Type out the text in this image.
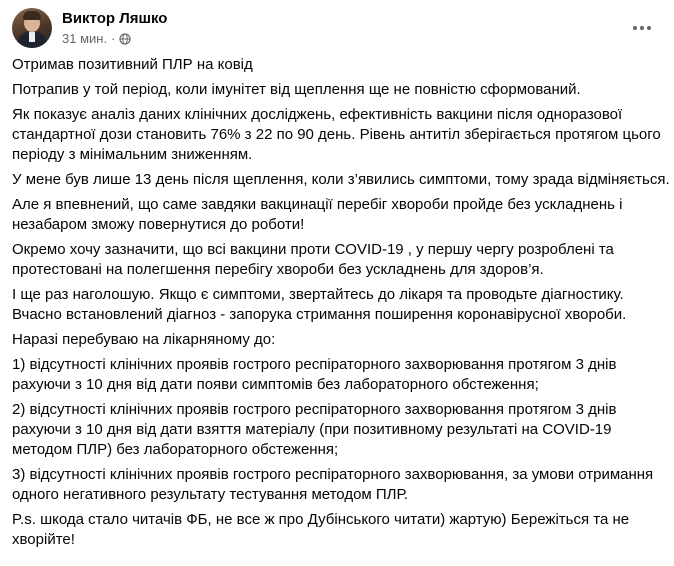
Виктор Ляшко
31 мин. ·

Отримав позитивний ПЛР на ковід

Потрапив у той період, коли імунітет від щеплення ще не повністю сформований.

Як показує аналіз даних клінічних досліджень, ефективність вакцини після одноразової

стандартної дози становить 76% з 22 по 90 день. Рівень антитіл зберігається протягом цього

періоду з мінімальним зниженням.

У мене був лише 13 день після щеплення, коли з’явились симптоми, тому зрада відміняється.

Але я впевнений, що саме завдяки вакцинації перебіг хвороби пройде без ускладнень і

незабаром зможу повернутися до роботи!

Окремо хочу зазначити, що всі вакцини проти COVID-19 , у першу чергу розроблені та

протестовані на полегшення перебігу хвороби без ускладнень для здоров’я.

І ще раз наголошую. Якщо є симптоми, звертайтесь до лікаря та проводьте діагностику.

Вчасно встановлений діагноз - запорука стримання поширення коронавірусної хвороби.

Наразі перебуваю на лікарняному до:

1) відсутності клінічних проявів гострого респіраторного захворювання протягом 3 днів

рахуючи з 10 дня від дати появи симптомів без лабораторного обстеження;

2) відсутності клінічних проявів гострого респіраторного захворювання протягом 3 днів

рахуючи з 10 дня від дати взяття матеріалу (при позитивному результаті на COVID-19

методом ПЛР) без лабораторного обстеження;

3) відсутності клінічних проявів гострого респіраторного захворювання, за умови отримання

одного негативного результату тестування методом ПЛР.

P.s. шкода стало читачів ФБ, не все ж про Дубінського читати) жартую) Бережіться та не

хворійте!
